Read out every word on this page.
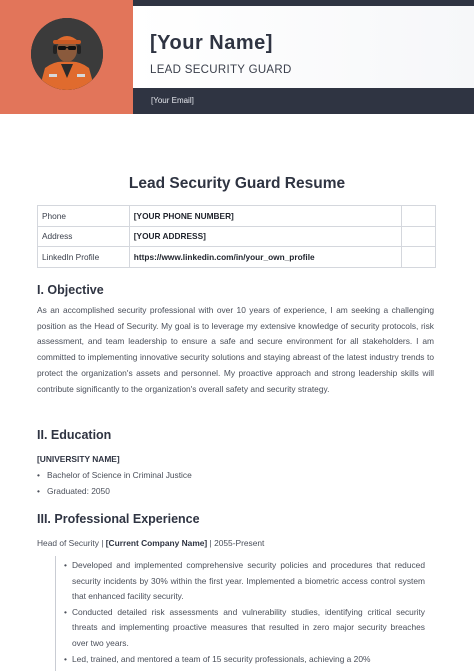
[Your Name]
LEAD SECURITY GUARD
[Your Email]
Lead Security Guard Resume
Phone	[YOUR PHONE NUMBER]	
Address	[YOUR ADDRESS]	
LinkedIn Profile	https://www.linkedin.com/in/your_own_profile	
I. Objective
As an accomplished security professional with over 10 years of experience, I am seeking a challenging position as the Head of Security. My goal is to leverage my extensive knowledge of security protocols, risk assessment, and team leadership to ensure a safe and secure environment for all stakeholders. I am committed to implementing innovative security solutions and staying abreast of the latest industry trends to protect the organization's assets and personnel. My proactive approach and strong leadership skills will contribute significantly to the organization's overall safety and security strategy.
II. Education
[UNIVERSITY NAME]
• Bachelor of Science in Criminal Justice
• Graduated: 2050
III. Professional Experience
Head of Security | [Current Company Name] | 2055-Present
• Developed and implemented comprehensive security policies and procedures that reduced security incidents by 30% within the first year. Implemented a biometric access control system that enhanced facility security.
• Conducted detailed risk assessments and vulnerability studies, identifying critical security threats and implementing proactive measures that resulted in zero major security breaches over two years.
• Led, trained, and mentored a team of 15 security professionals, achieving a 20%
